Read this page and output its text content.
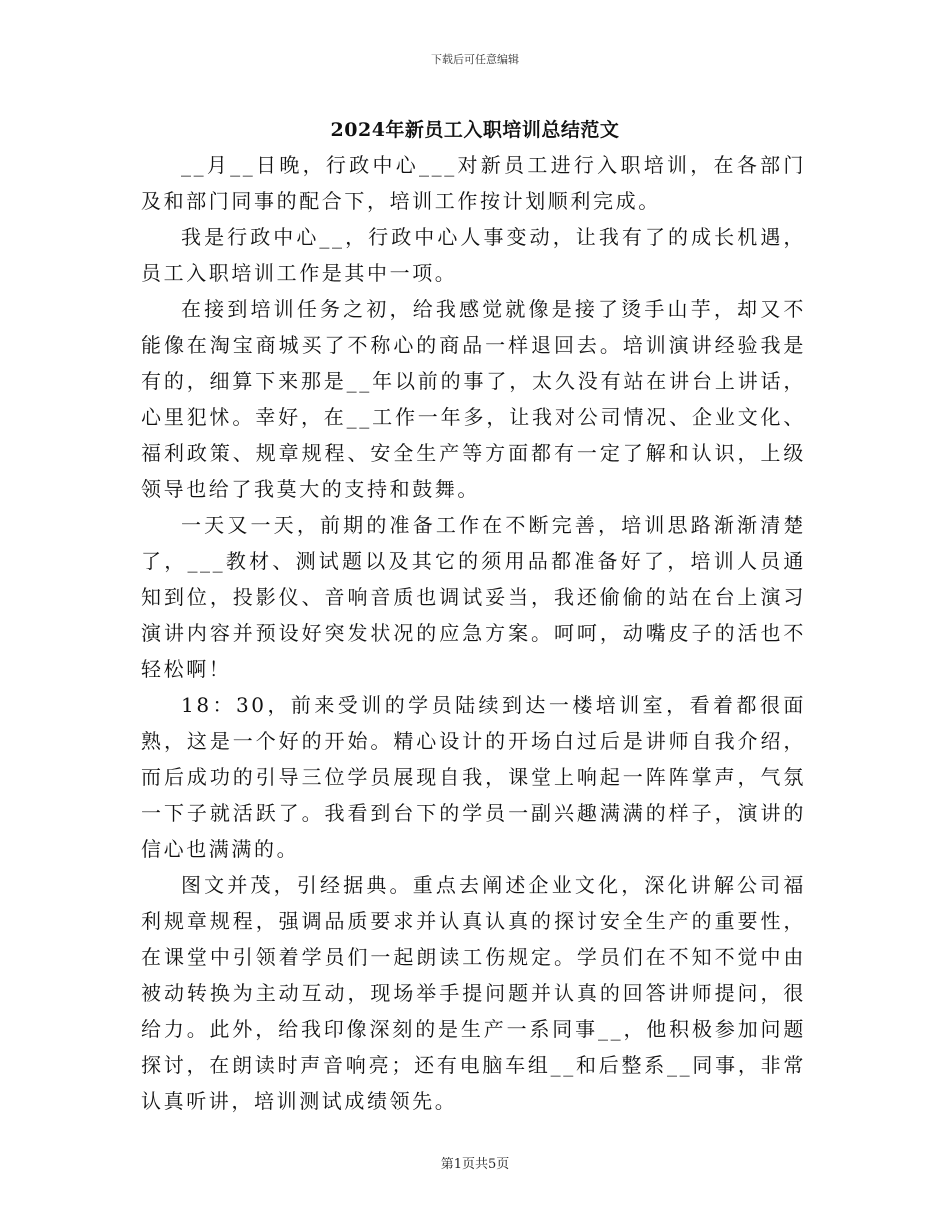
下载后可任意编辑
2024年新员工入职培训总结范文

__月__日晚，行政中心___对新员工进行入职培训，在各部门及和部门同事的配合下，培训工作按计划顺利完成。

我是行政中心__，行政中心人事变动，让我有了的成长机遇，员工入职培训工作是其中一项。

在接到培训任务之初，给我感觉就像是接了烫手山芋，却又不能像在淘宝商城买了不称心的商品一样退回去。培训演讲经验我是有的，细算下来那是__年以前的事了，太久没有站在讲台上讲话，心里犯怵。幸好，在__工作一年多，让我对公司情况、企业文化、福利政策、规章规程、安全生产等方面都有一定了解和认识，上级领导也给了我莫大的支持和鼓舞。

一天又一天，前期的准备工作在不断完善，培训思路渐渐清楚了，___教材、测试题以及其它的须用品都准备好了，培训人员通知到位，投影仪、音响音质也调试妥当，我还偷偷的站在台上演习演讲内容并预设好突发状况的应急方案。呵呵，动嘴皮子的活也不轻松啊！

18：30，前来受训的学员陆续到达一楼培训室，看着都很面熟，这是一个好的开始。精心设计的开场白过后是讲师自我介绍，而后成功的引导三位学员展现自我，课堂上响起一阵阵掌声，气氛一下子就活跃了。我看到台下的学员一副兴趣满满的样子，演讲的信心也满满的。

图文并茂，引经据典。重点去阐述企业文化，深化讲解公司福利规章规程，强调品质要求并认真认真的探讨安全生产的重要性，在课堂中引领着学员们一起朗读工伤规定。学员们在不知不觉中由被动转换为主动互动，现场举手提问题并认真的回答讲师提问，很给力。此外，给我印像深刻的是生产一系同事__，他积极参加问题探讨，在朗读时声音响亮；还有电脑车组__和后整系__同事，非常认真听讲，培训测试成绩领先。

第1页共5页
